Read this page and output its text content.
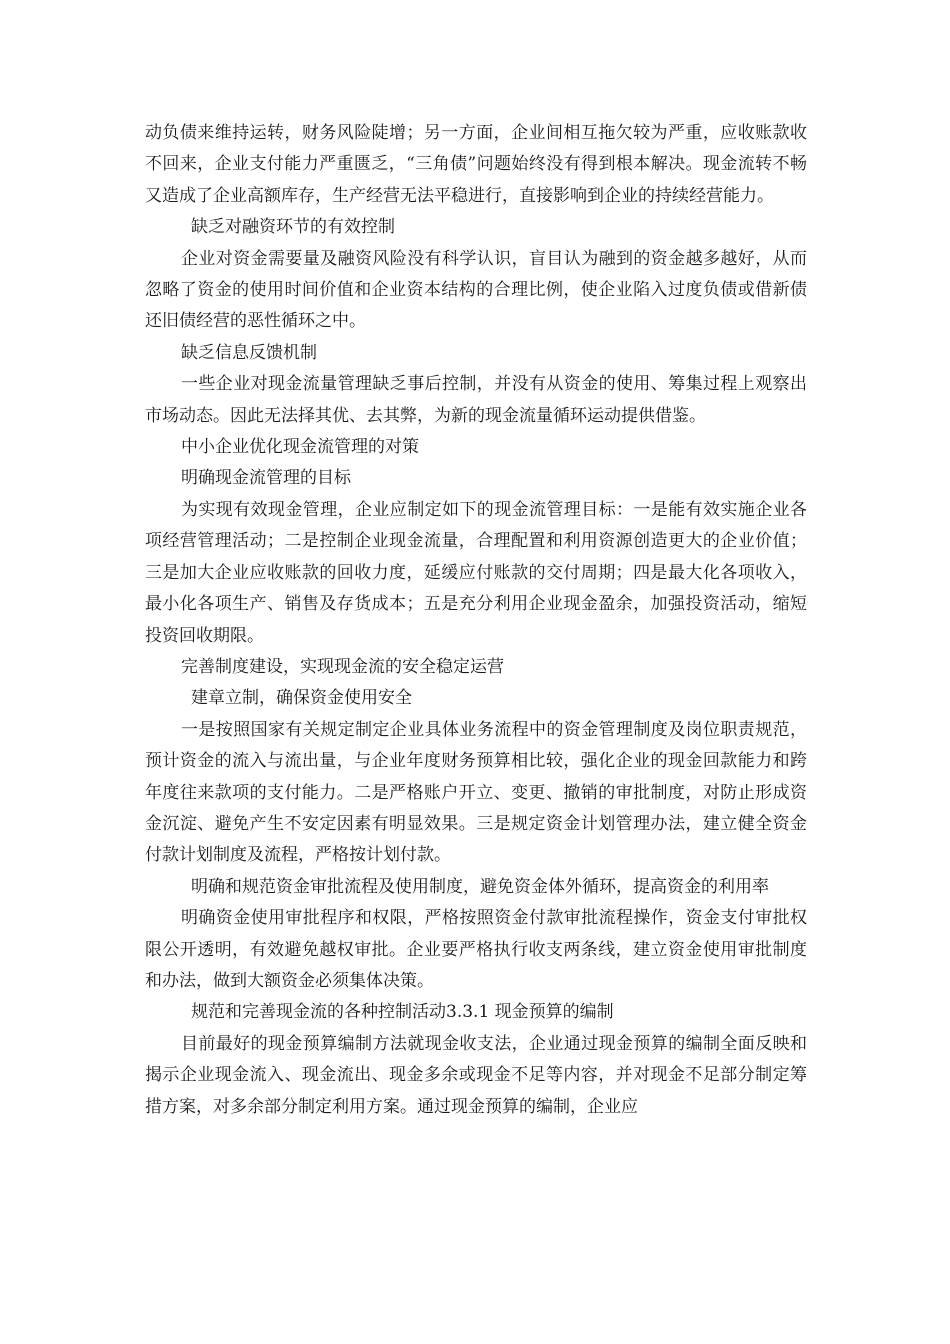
动负债来维持运转，财务风险陡增；另一方面，企业间相互拖欠较为严重，应收账款收不回来，企业支付能力严重匮乏，“三角债”问题始终没有得到根本解决。现金流转不畅又造成了企业高额库存，生产经营无法平稳进行，直接影响到企业的持续经营能力。

缺乏对融资环节的有效控制

企业对资金需要量及融资风险没有科学认识，盲目认为融到的资金越多越好，从而忽略了资金的使用时间价值和企业资本结构的合理比例，使企业陷入过度负债或借新债还旧债经营的恶性循环之中。

缺乏信息反馈机制

一些企业对现金流量管理缺乏事后控制，并没有从资金的使用、筹集过程上观察出市场动态。因此无法择其优、去其弊，为新的现金流量循环运动提供借鉴。

中小企业优化现金流管理的对策

明确现金流管理的目标

为实现有效现金管理，企业应制定如下的现金流管理目标：一是能有效实施企业各项经营管理活动；二是控制企业现金流量，合理配置和利用资源创造更大的企业价值；三是加大企业应收账款的回收力度，延缓应付账款的交付周期；四是最大化各项收入，最小化各项生产、销售及存货成本；五是充分利用企业现金盈余，加强投资活动，缩短投资回收期限。

完善制度建设，实现现金流的安全稳定运营

建章立制，确保资金使用安全

一是按照国家有关规定制定企业具体业务流程中的资金管理制度及岗位职责规范，预计资金的流入与流出量，与企业年度财务预算相比较，强化企业的现金回款能力和跨年度往来款项的支付能力。二是严格账户开立、变更、撤销的审批制度，对防止形成资金沉淀、避免产生不安定因素有明显效果。三是规定资金计划管理办法，建立健全资金付款计划制度及流程，严格按计划付款。

明确和规范资金审批流程及使用制度，避免资金体外循环，提高资金的利用率

明确资金使用审批程序和权限，严格按照资金付款审批流程操作，资金支付审批权限公开透明，有效避免越权审批。企业要严格执行收支两条线，建立资金使用审批制度和办法，做到大额资金必须集体决策。

规范和完善现金流的各种控制活动3.3.1 现金预算的编制

目前最好的现金预算编制方法就现金收支法，企业通过现金预算的编制全面反映和揭示企业现金流入、现金流出、现金多余或现金不足等内容，并对现金不足部分制定筹措方案，对多余部分制定利用方案。通过现金预算的编制，企业应
